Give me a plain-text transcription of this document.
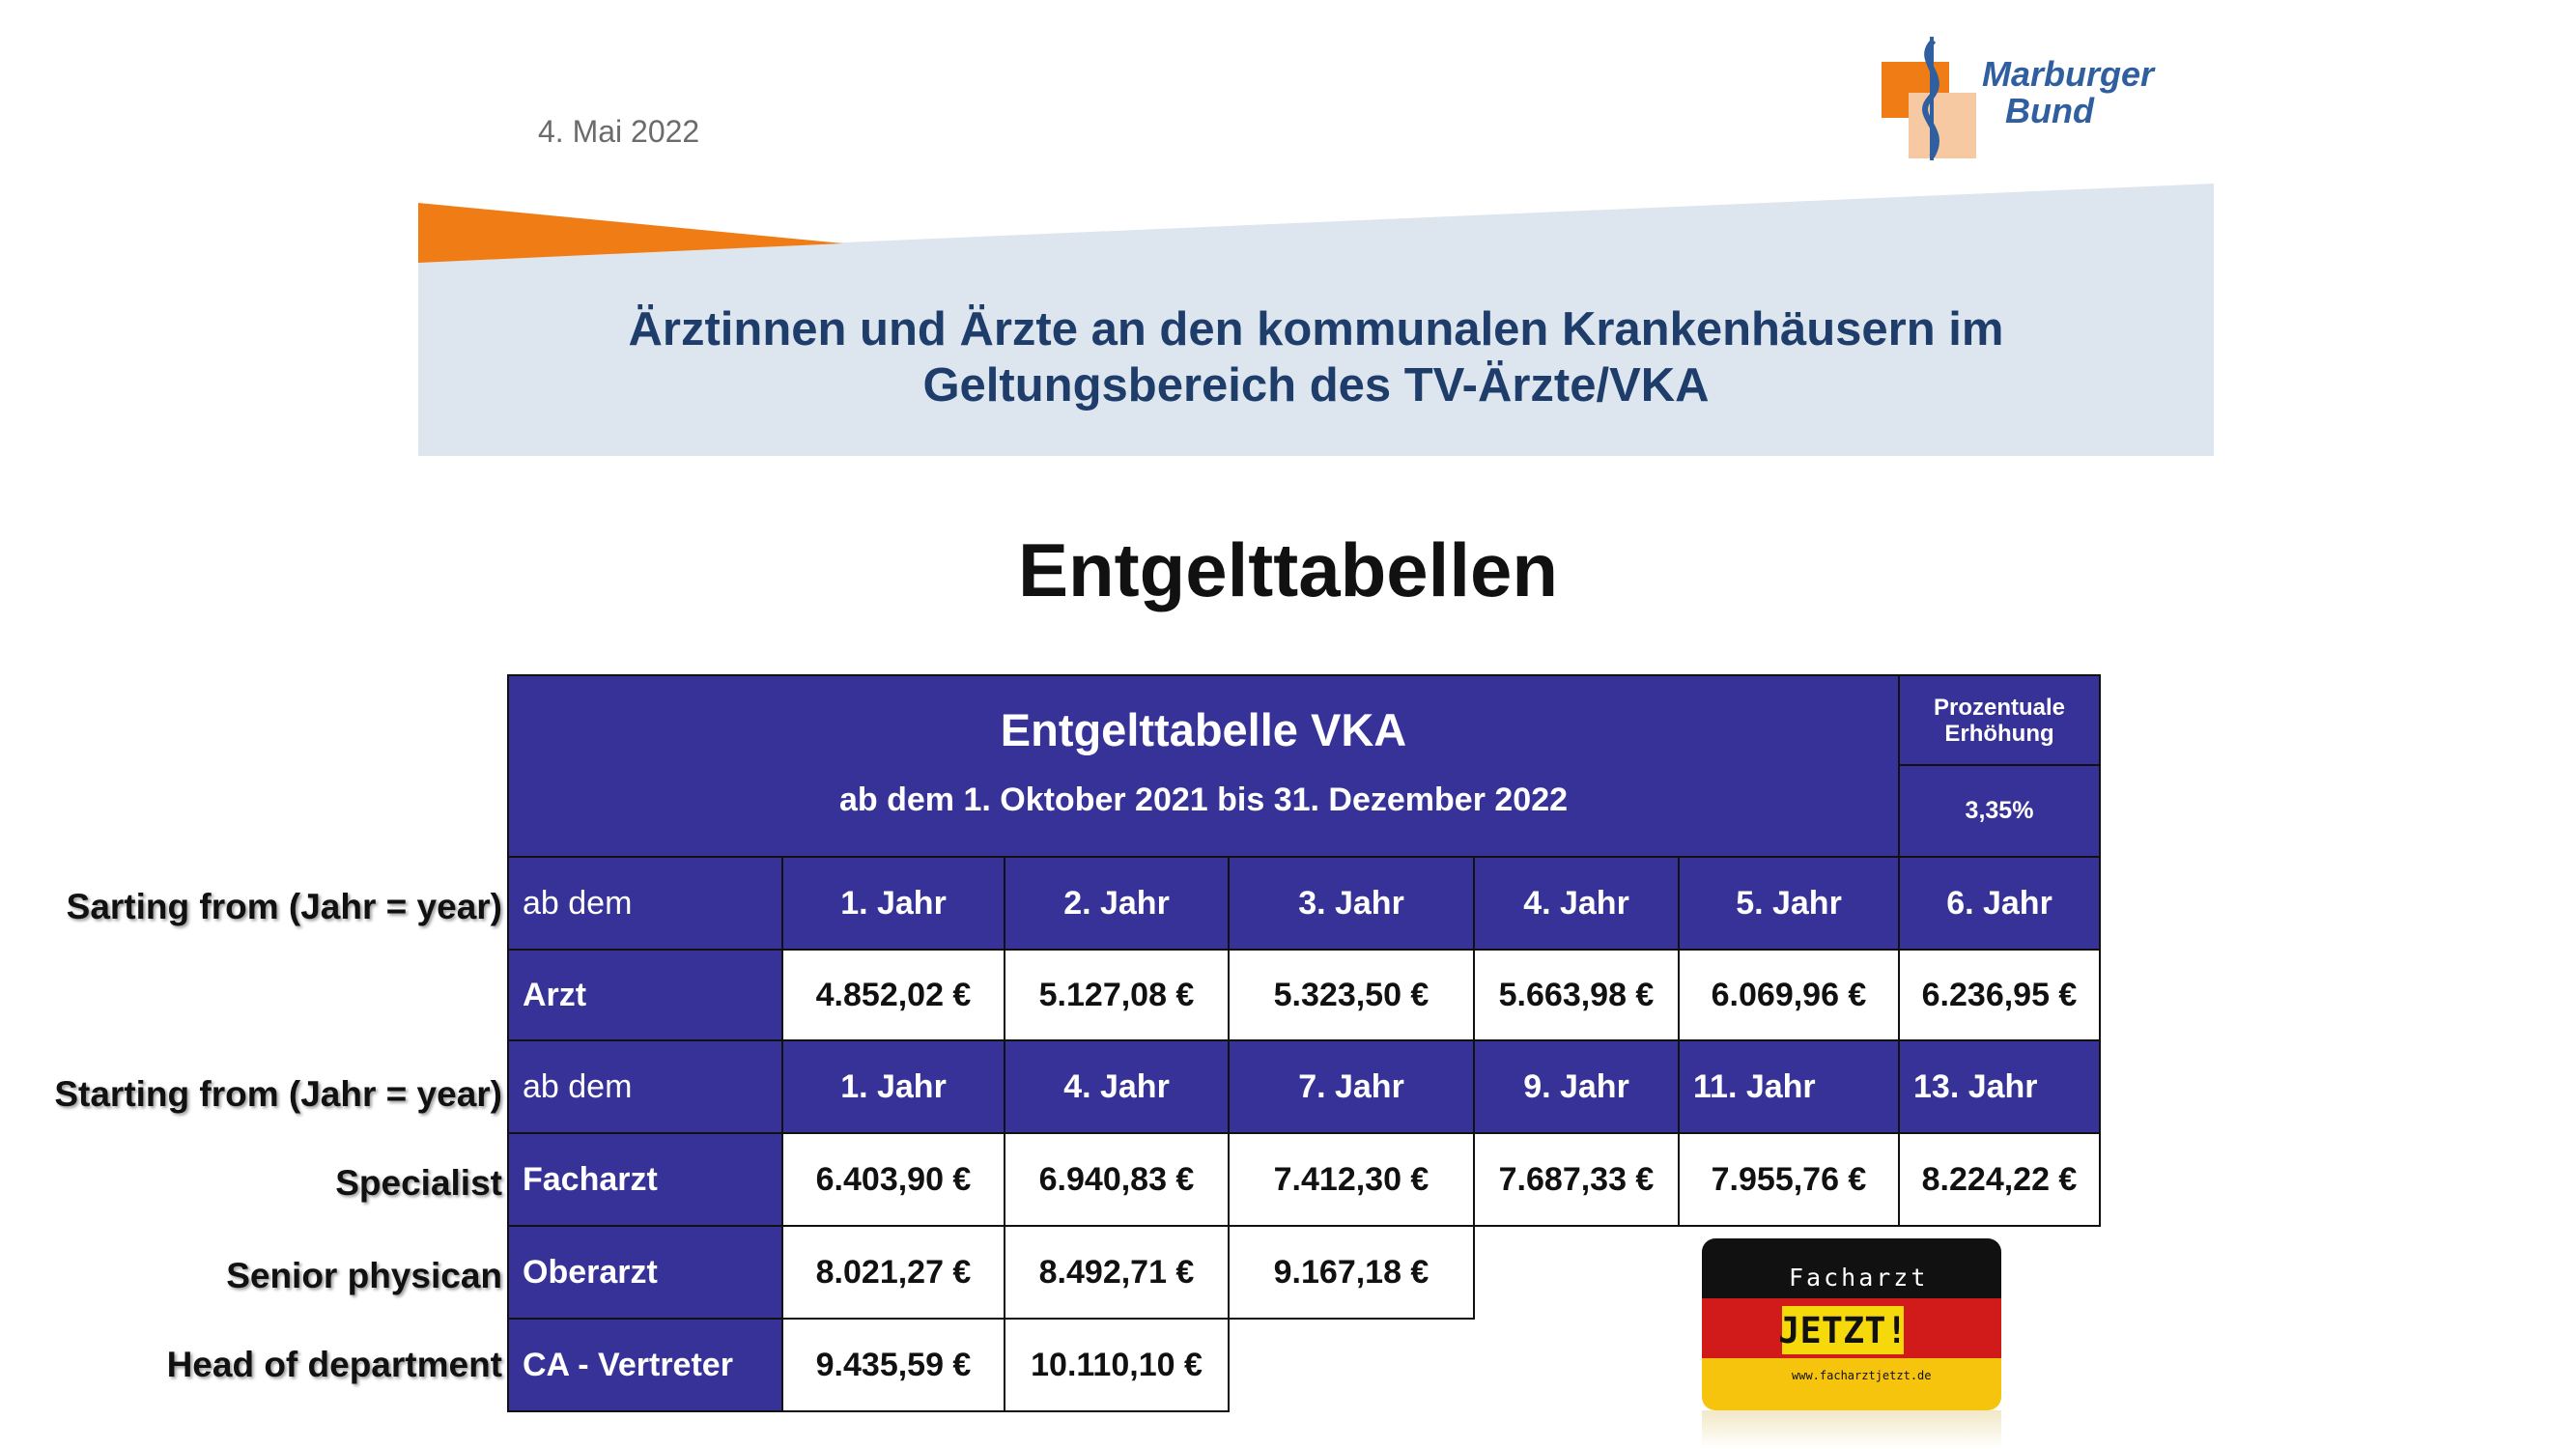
4. Mai 2022
Marburger
Bund
Ärztinnen und Ärzte an den kommunalen Krankenhäusern im
Geltungsbereich des TV-Ärzte/VKA
Entgelttabellen
Entgelttabelle VKA
ab dem 1. Oktober 2021 bis 31. Dezember 2022
Prozentuale
Erhöhung
3,35%
ab dem	1. Jahr	2. Jahr	3. Jahr	4. Jahr	5. Jahr	6. Jahr
Arzt	4.852,02 €	5.127,08 €	5.323,50 €	5.663,98 €	6.069,96 €	6.236,95 €
ab dem	1. Jahr	4. Jahr	7. Jahr	9. Jahr	11. Jahr	13. Jahr
Facharzt	6.403,90 €	6.940,83 €	7.412,30 €	7.687,33 €	7.955,76 €	8.224,22 €
Oberarzt	8.021,27 €	8.492,71 €	9.167,18 €
CA - Vertreter	9.435,59 €	10.110,10 €
Sarting from (Jahr = year)
Starting from (Jahr = year)
Specialist
Senior physican
Head of department
Facharzt
JETZT!
www.facharztjetzt.de
